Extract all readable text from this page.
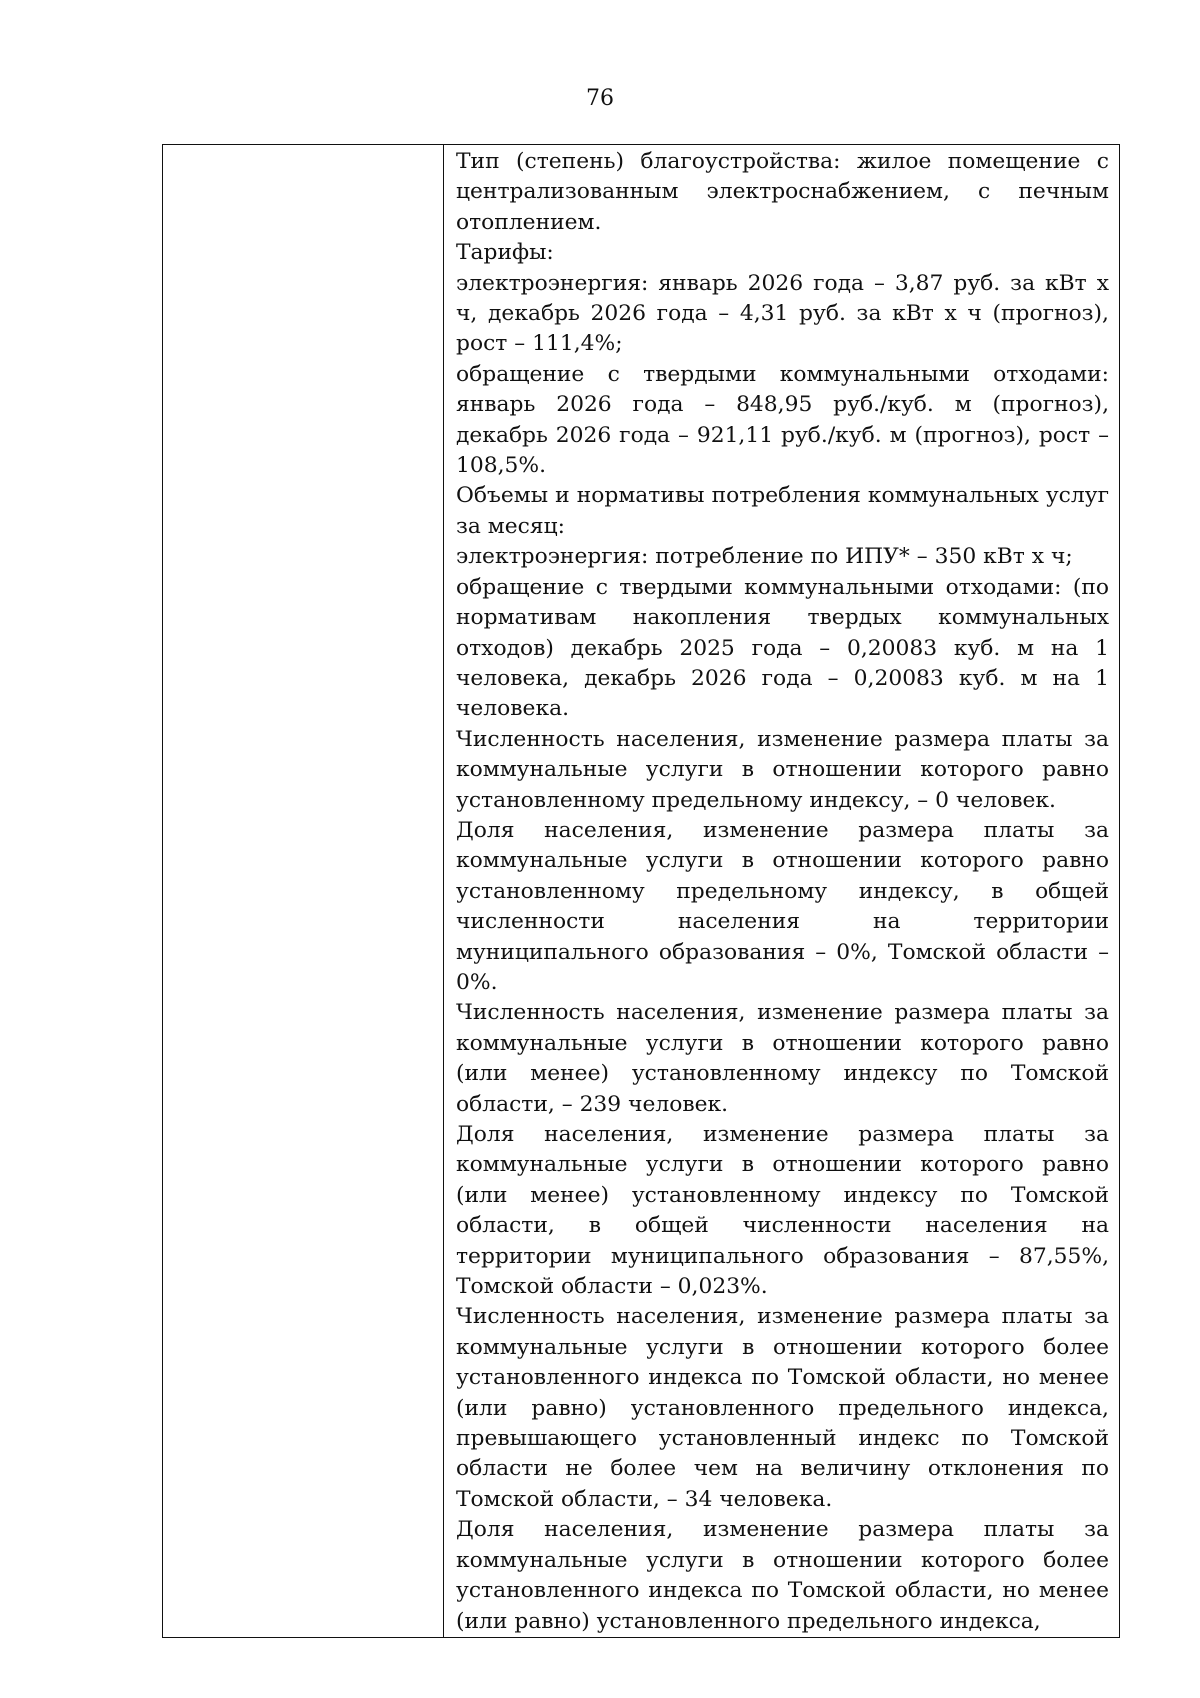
76

Тип (степень) благоустройства: жилое помещение с централизованным электроснабжением, с печным отоплением.

Тарифы:

электроэнергия: январь 2026 года – 3,87 руб. за кВт х ч, декабрь 2026 года – 4,31 руб. за кВт х ч (прогноз), рост – 111,4%;

обращение с твердыми коммунальными отходами: январь 2026 года – 848,95 руб./куб. м (прогноз), декабрь 2026 года – 921,11 руб./куб. м (прогноз), рост – 108,5%.

Объемы и нормативы потребления коммунальных услуг за месяц:

электроэнергия: потребление по ИПУ* – 350 кВт х ч;

обращение с твердыми коммунальными отходами: (по нормативам накопления твердых коммунальных отходов) декабрь 2025 года – 0,20083 куб. м на 1 человека, декабрь 2026 года – 0,20083 куб. м на 1 человека.

Численность населения, изменение размера платы за коммунальные услуги в отношении которого равно установленному предельному индексу, – 0 человек.

Доля населения, изменение размера платы за коммунальные услуги в отношении которого равно установленному предельному индексу, в общей численности населения на территории муниципального образования – 0%, Томской области – 0%.

Численность населения, изменение размера платы за коммунальные услуги в отношении которого равно (или менее) установленному индексу по Томской области, – 239 человек.

Доля населения, изменение размера платы за коммунальные услуги в отношении которого равно (или менее) установленному индексу по Томской области, в общей численности населения на территории муниципального образования – 87,55%, Томской области – 0,023%.

Численность населения, изменение размера платы за коммунальные услуги в отношении которого более установленного индекса по Томской области, но менее (или равно) установленного предельного индекса, превышающего установленный индекс по Томской области не более чем на величину отклонения по Томской области, – 34 человека.

Доля населения, изменение размера платы за коммунальные услуги в отношении которого более установленного индекса по Томской области, но менее (или равно) установленного предельного индекса,
